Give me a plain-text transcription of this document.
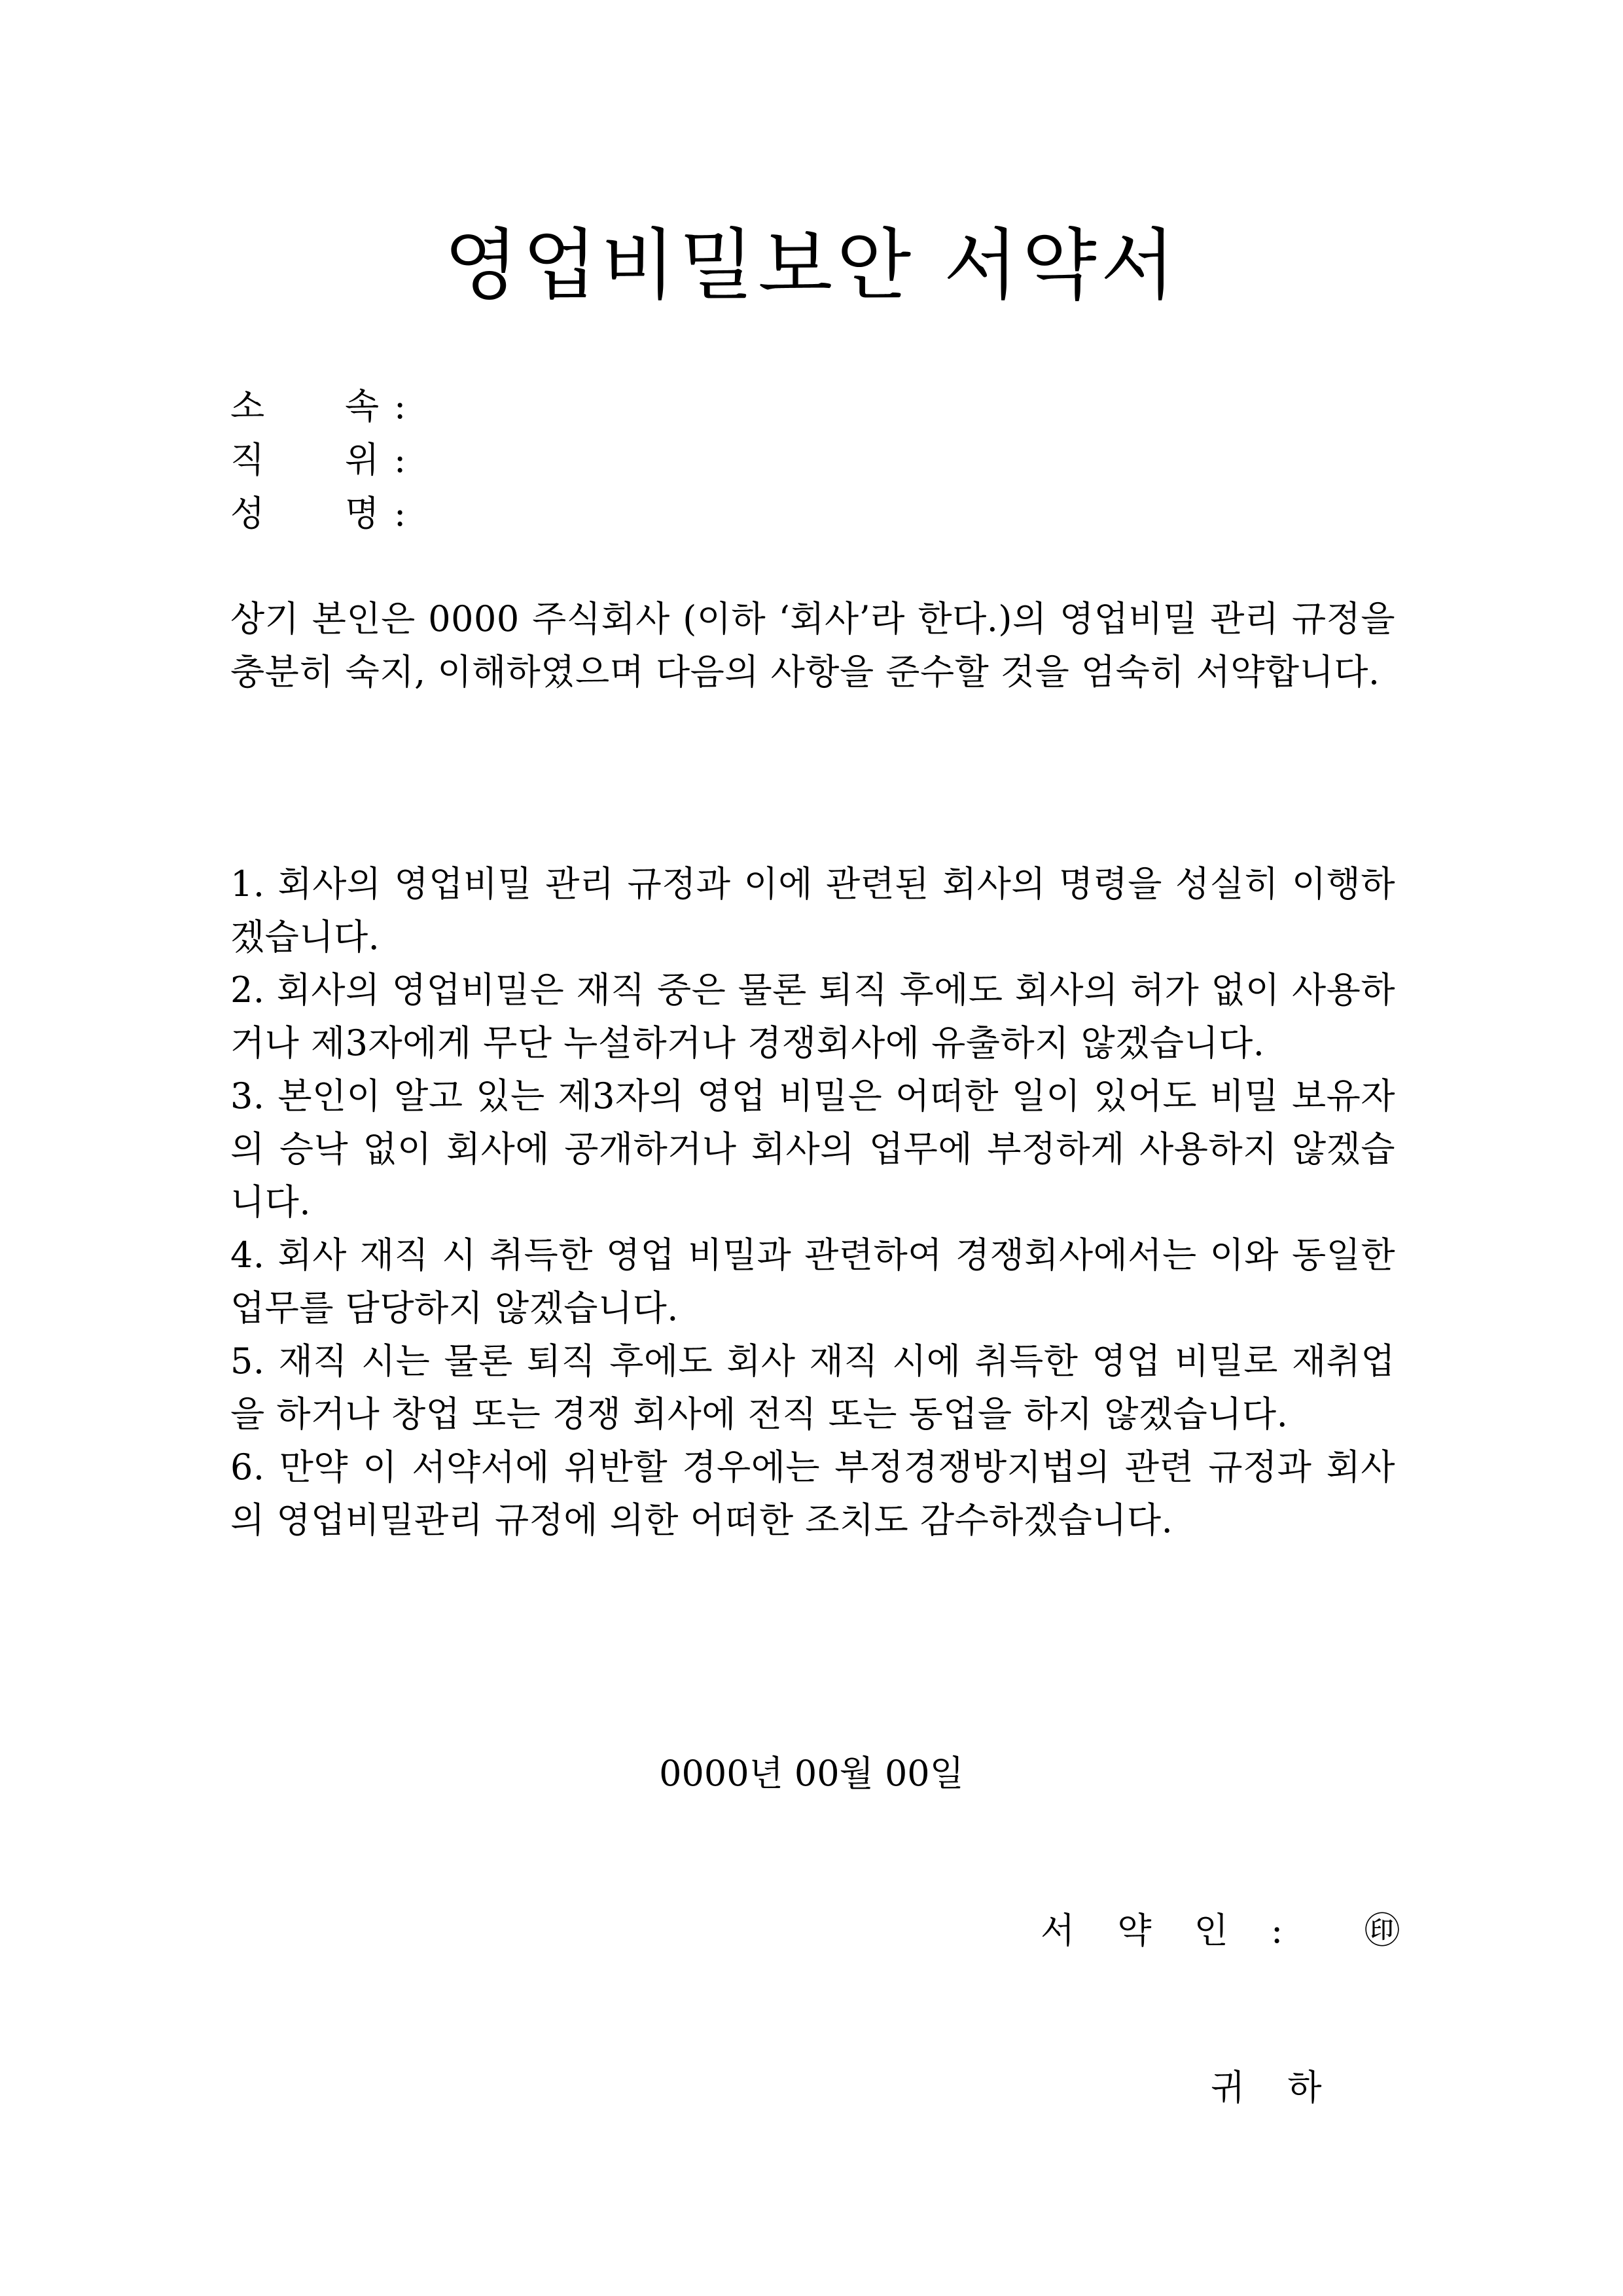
영업비밀보안 서약서
소 속 :
직 위 :
성 명 :

상기 본인은 0000 주식회사 (이하 ‘회사’라 한다.)의 영업비밀 관리 규정을 충분히 숙지, 이해하였으며 다음의 사항을 준수할 것을 엄숙히 서약합니다.

1. 회사의 영업비밀 관리 규정과 이에 관련된 회사의 명령을 성실히 이행하겠습니다.
2. 회사의 영업비밀은 재직 중은 물론 퇴직 후에도 회사의 허가 없이 사용하거나 제3자에게 무단 누설하거나 경쟁회사에 유출하지 않겠습니다.
3. 본인이 알고 있는 제3자의 영업 비밀은 어떠한 일이 있어도 비밀 보유자의 승낙 없이 회사에 공개하거나 회사의 업무에 부정하게 사용하지 않겠습니다.
4. 회사 재직 시 취득한 영업 비밀과 관련하여 경쟁회사에서는 이와 동일한 업무를 담당하지 않겠습니다.
5. 재직 시는 물론 퇴직 후에도 회사 재직 시에 취득한 영업 비밀로 재취업을 하거나 창업 또는 경쟁 회사에 전직 또는 동업을 하지 않겠습니다.
6. 만약 이 서약서에 위반할 경우에는 부정경쟁방지법의 관련 규정과 회사의 영업비밀관리 규정에 의한 어떠한 조치도 감수하겠습니다.
0000년 00월 00일
서 약 인 : ㊞
귀 하
